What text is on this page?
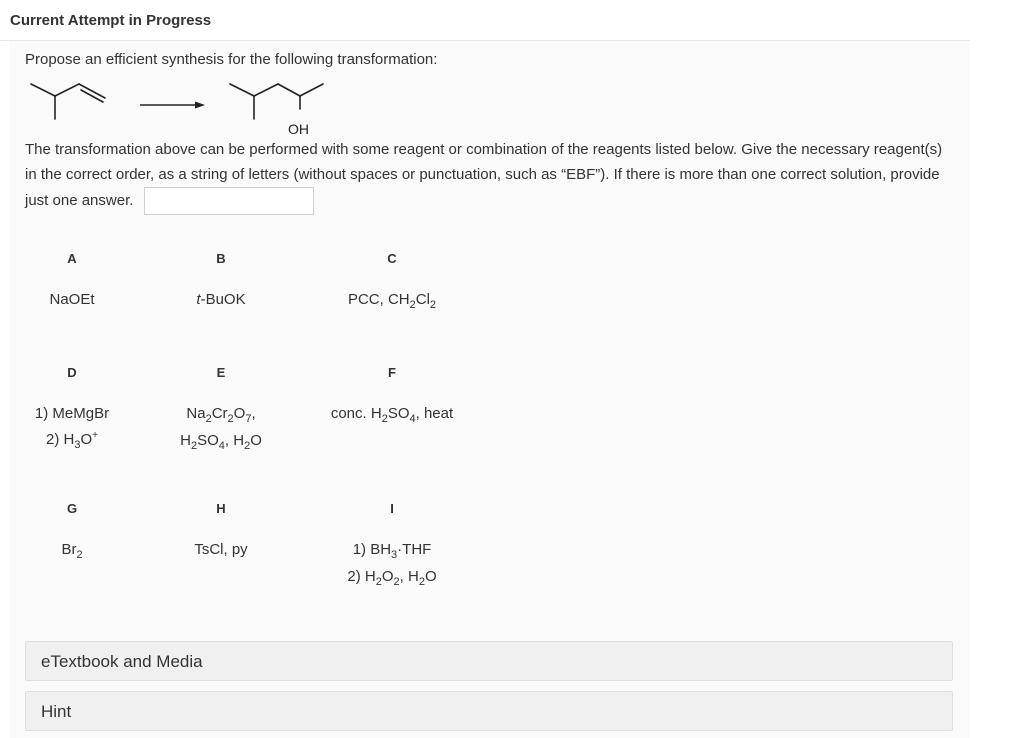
Current Attempt in Progress
Propose an efficient synthesis for the following transformation:
OH
The transformation above can be performed with some reagent or combination of the reagents listed below. Give the necessary reagent(s) in the correct order, as a string of letters (without spaces or punctuation, such as “EBF”). If there is more than one correct solution, provide just one answer.
A
NaOEt
B
t-BuOK
C
PCC, $CH_2Cl_2$
D
1) MeMgBr
2) $H_3O^+$
E
$Na_2Cr_2O_7$,
$H_2SO_4$, $H_2O$
F
conc. $H_2SO_4$, heat
G
$Br_2$
H
TsCl, py
I
1) $BH_3\cdot THF$
2) $H_2O_2$, $H_2O$
eTextbook and Media
Hint
